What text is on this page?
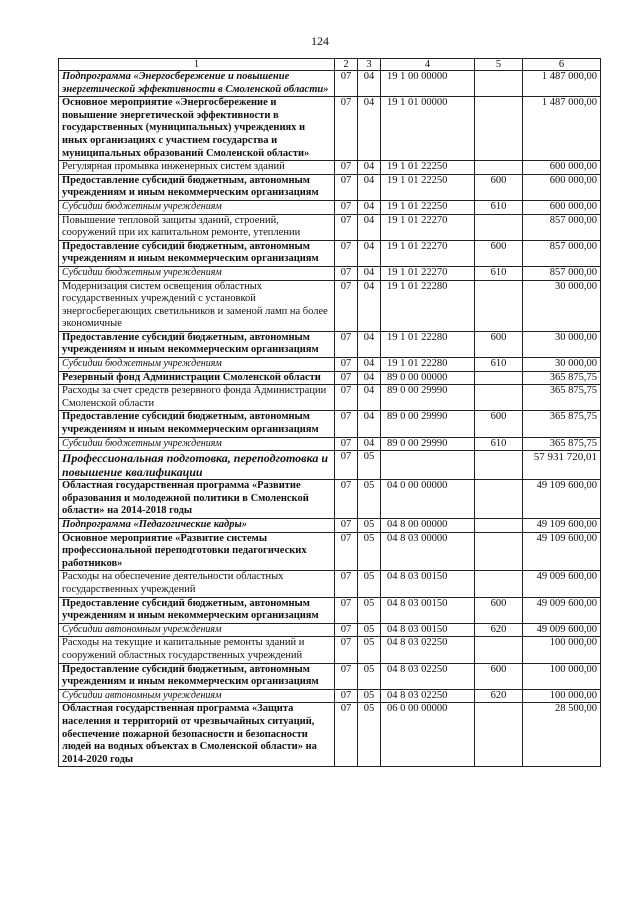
124
1	2	3	4	5	6
Подпрограмма «Энергосбережение и повышение энергетической эффективности в Смоленской области»	07	04	19 1 00 00000		1 487 000,00
Основное мероприятие «Энергосбережение и повышение энергетической эффективности в государственных (муниципальных) учреждениях и иных организациях с участием государства и муниципальных образований Смоленской области»	07	04	19 1 01 00000		1 487 000,00
Регулярная промывка инженерных систем зданий	07	04	19 1 01 22250		600 000,00
Предоставление субсидий бюджетным, автономным учреждениям и иным некоммерческим организациям	07	04	19 1 01 22250	600	600 000,00
Субсидии бюджетным учреждениям	07	04	19 1 01 22250	610	600 000,00
Повышение тепловой защиты зданий, строений, сооружений при их капитальном ремонте, утеплении	07	04	19 1 01 22270		857 000,00
Предоставление субсидий бюджетным, автономным учреждениям и иным некоммерческим организациям	07	04	19 1 01 22270	600	857 000,00
Субсидии бюджетным учреждениям	07	04	19 1 01 22270	610	857 000,00
Модернизация систем освещения областных государственных учреждений с установкой энергосберегающих светильников и заменой ламп на более экономичные	07	04	19 1 01 22280		30 000,00
Предоставление субсидий бюджетным, автономным учреждениям и иным некоммерческим организациям	07	04	19 1 01 22280	600	30 000,00
Субсидии бюджетным учреждениям	07	04	19 1 01 22280	610	30 000,00
Резервный фонд Администрации Смоленской области	07	04	89 0 00 00000		365 875,75
Расходы за счет средств резервного фонда Администрации Смоленской области	07	04	89 0 00 29990		365 875,75
Предоставление субсидий бюджетным, автономным учреждениям и иным некоммерческим организациям	07	04	89 0 00 29990	600	365 875,75
Субсидии бюджетным учреждениям	07	04	89 0 00 29990	610	365 875,75
Профессиональная подготовка, переподготовка и повышение квалификации	07	05			57 931 720,01
Областная государственная программа «Развитие образования и молодежной политики в Смоленской области» на 2014-2018 годы	07	05	04 0 00 00000		49 109 600,00
Подпрограмма «Педагогические кадры»	07	05	04 8 00 00000		49 109 600,00
Основное мероприятие «Развитие системы профессиональной переподготовки педагогических работников»	07	05	04 8 03 00000		49 109 600,00
Расходы на обеспечение деятельности областных государственных учреждений	07	05	04 8 03 00150		49 009 600,00
Предоставление субсидий бюджетным, автономным учреждениям и иным некоммерческим организациям	07	05	04 8 03 00150	600	49 009 600,00
Субсидии автономным учреждениям	07	05	04 8 03 00150	620	49 009 600,00
Расходы на текущие и капитальные ремонты зданий и сооружений областных государственных учреждений	07	05	04 8 03 02250		100 000,00
Предоставление субсидий бюджетным, автономным учреждениям и иным некоммерческим организациям	07	05	04 8 03 02250	600	100 000,00
Субсидии автономным учреждениям	07	05	04 8 03 02250	620	100 000,00
Областная государственная программа «Защита населения и территорий от чрезвычайных ситуаций, обеспечение пожарной безопасности и безопасности людей на водных объектах в Смоленской области» на 2014-2020 годы	07	05	06 0 00 00000		28 500,00
